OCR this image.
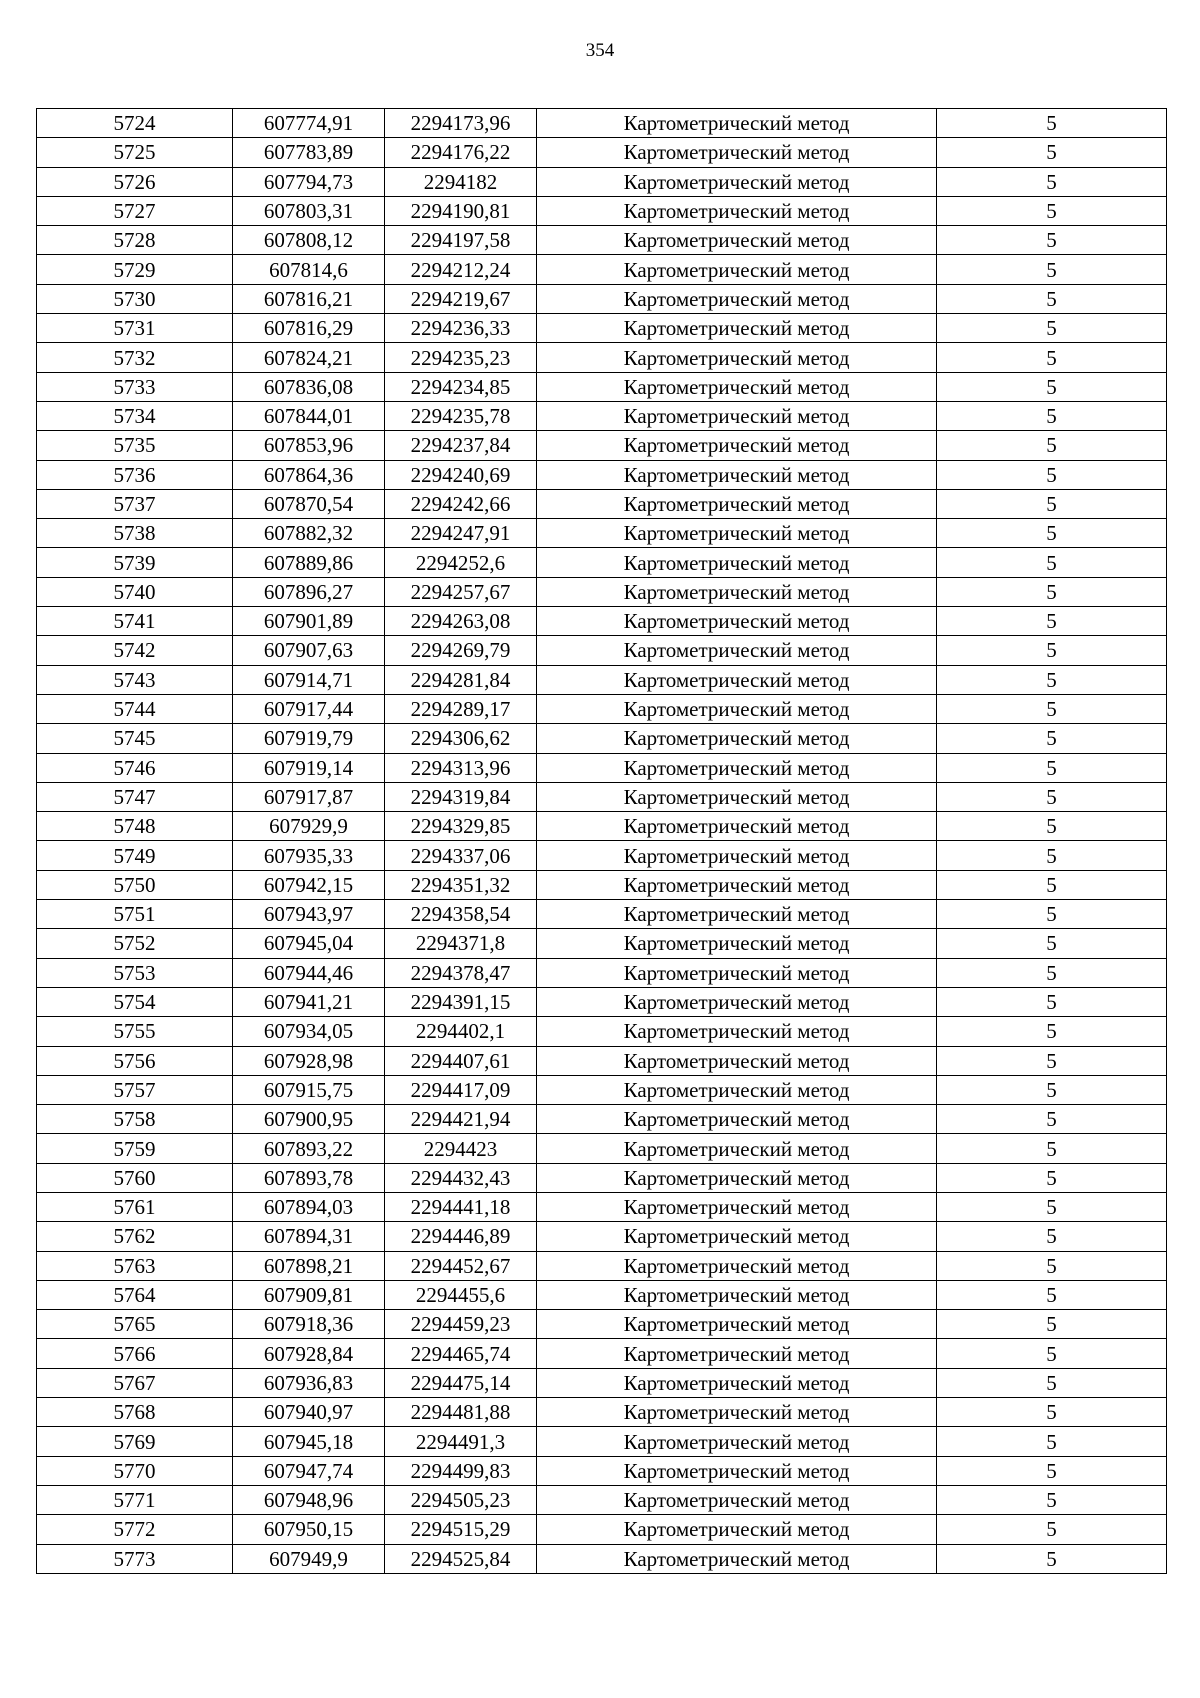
354
5724	607774,91	2294173,96	Картометрический метод	5
5725	607783,89	2294176,22	Картометрический метод	5
5726	607794,73	2294182	Картометрический метод	5
5727	607803,31	2294190,81	Картометрический метод	5
5728	607808,12	2294197,58	Картометрический метод	5
5729	607814,6	2294212,24	Картометрический метод	5
5730	607816,21	2294219,67	Картометрический метод	5
5731	607816,29	2294236,33	Картометрический метод	5
5732	607824,21	2294235,23	Картометрический метод	5
5733	607836,08	2294234,85	Картометрический метод	5
5734	607844,01	2294235,78	Картометрический метод	5
5735	607853,96	2294237,84	Картометрический метод	5
5736	607864,36	2294240,69	Картометрический метод	5
5737	607870,54	2294242,66	Картометрический метод	5
5738	607882,32	2294247,91	Картометрический метод	5
5739	607889,86	2294252,6	Картометрический метод	5
5740	607896,27	2294257,67	Картометрический метод	5
5741	607901,89	2294263,08	Картометрический метод	5
5742	607907,63	2294269,79	Картометрический метод	5
5743	607914,71	2294281,84	Картометрический метод	5
5744	607917,44	2294289,17	Картометрический метод	5
5745	607919,79	2294306,62	Картометрический метод	5
5746	607919,14	2294313,96	Картометрический метод	5
5747	607917,87	2294319,84	Картометрический метод	5
5748	607929,9	2294329,85	Картометрический метод	5
5749	607935,33	2294337,06	Картометрический метод	5
5750	607942,15	2294351,32	Картометрический метод	5
5751	607943,97	2294358,54	Картометрический метод	5
5752	607945,04	2294371,8	Картометрический метод	5
5753	607944,46	2294378,47	Картометрический метод	5
5754	607941,21	2294391,15	Картометрический метод	5
5755	607934,05	2294402,1	Картометрический метод	5
5756	607928,98	2294407,61	Картометрический метод	5
5757	607915,75	2294417,09	Картометрический метод	5
5758	607900,95	2294421,94	Картометрический метод	5
5759	607893,22	2294423	Картометрический метод	5
5760	607893,78	2294432,43	Картометрический метод	5
5761	607894,03	2294441,18	Картометрический метод	5
5762	607894,31	2294446,89	Картометрический метод	5
5763	607898,21	2294452,67	Картометрический метод	5
5764	607909,81	2294455,6	Картометрический метод	5
5765	607918,36	2294459,23	Картометрический метод	5
5766	607928,84	2294465,74	Картометрический метод	5
5767	607936,83	2294475,14	Картометрический метод	5
5768	607940,97	2294481,88	Картометрический метод	5
5769	607945,18	2294491,3	Картометрический метод	5
5770	607947,74	2294499,83	Картометрический метод	5
5771	607948,96	2294505,23	Картометрический метод	5
5772	607950,15	2294515,29	Картометрический метод	5
5773	607949,9	2294525,84	Картометрический метод	5
